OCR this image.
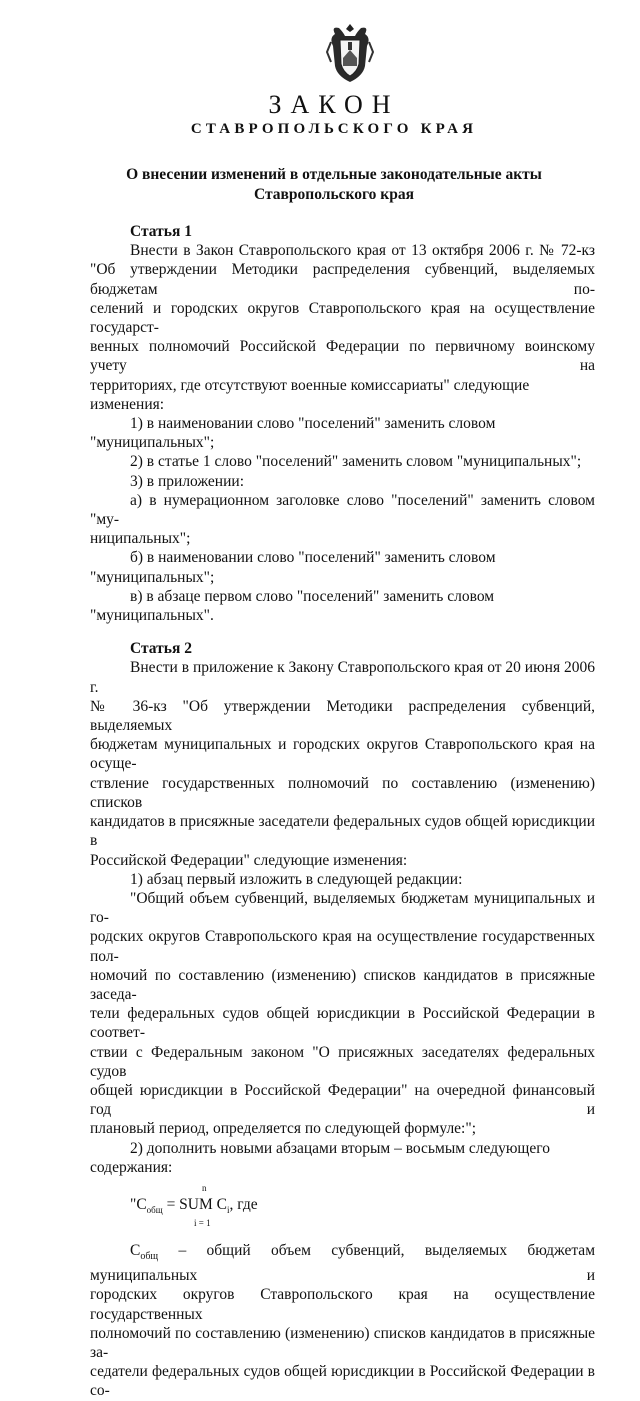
ЗАКОН
СТАВРОПОЛЬСКОГО КРАЯ
О внесении изменений в отдельные законодательные акты
Ставропольского края

Статья 1

Внести в Закон Ставропольского края от 13 октября 2006 г. № 72-кз

"Об утверждении Методики распределения субвенций, выделяемых бюджетам по-

селений и городских округов Ставропольского края на осуществление государст-

венных полномочий Российской Федерации по первичному воинскому учету на

территориях, где отсутствуют военные комиссариаты" следующие изменения:

1) в наименовании слово "поселений" заменить словом "муниципальных";

2) в статье 1 слово "поселений" заменить словом "муниципальных";

3) в приложении:

а) в нумерационном заголовке слово "поселений" заменить словом "му-

ниципальных";

б) в наименовании слово "поселений" заменить словом "муниципальных";

в) в абзаце первом слово "поселений" заменить словом "муниципальных".

Статья 2

Внести в приложение к Закону Ставропольского края от 20 июня 2006 г.

№ 36-кз "Об утверждении Методики распределения субвенций, выделяемых

бюджетам муниципальных и городских округов Ставропольского края на осуще-

ствление государственных полномочий по составлению (изменению) списков

кандидатов в присяжные заседатели федеральных судов общей юрисдикции в

Российской Федерации" следующие изменения:

1) абзац первый изложить в следующей редакции:

"Общий объем субвенций, выделяемых бюджетам муниципальных и го-

родских округов Ставропольского края на осуществление государственных пол-

номочий по составлению (изменению) списков кандидатов в присяжные заседа-

тели федеральных судов общей юрисдикции в Российской Федерации в соответ-

ствии с Федеральным законом "О присяжных заседателях федеральных судов

общей юрисдикции в Российской Федерации" на очередной финансовый год и

плановый период, определяется по следующей формуле:";

2) дополнить новыми абзацами вторым – восьмым следующего содержания:

n
"$C_{общ}$ = SUM $C_i$, где
i = 1

$C_{общ}$ – общий объем субвенций, выделяемых бюджетам муниципальных и

городских округов Ставропольского края на осуществление государственных

полномочий по составлению (изменению) списков кандидатов в присяжные за-

седатели федеральных судов общей юрисдикции в Российской Федерации в со-
